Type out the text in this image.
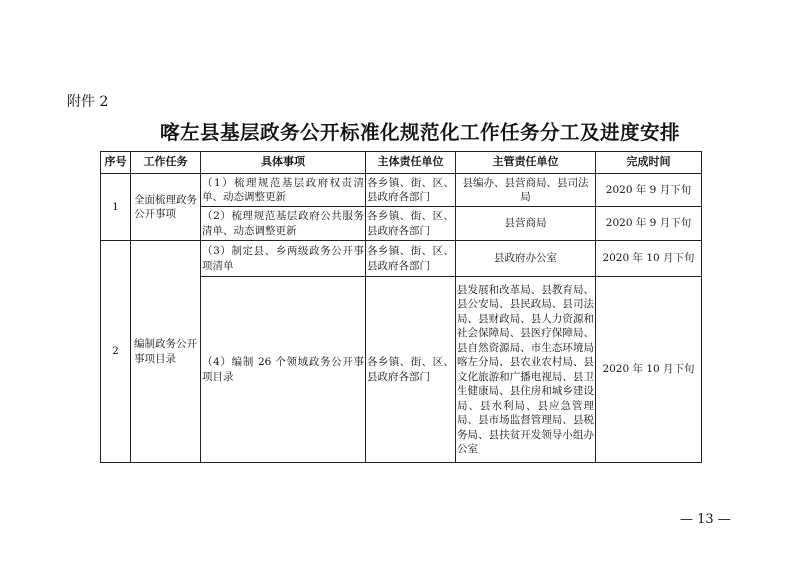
附件 2
喀左县基层政务公开标准化规范化工作任务分工及进度安排
序号	工作任务	具体事项	主体责任单位	主管责任单位	完成时间
1	全面梳理政务公开事项	（1）梳理规范基层政府权责清单、动态调整更新	各乡镇、街、区、县政府各部门	县编办、县营商局、县司法局	2020 年 9 月下旬
		（2）梳理规范基层政府公共服务清单、动态调整更新	各乡镇、街、区、县政府各部门	县营商局	2020 年 9 月下旬
2	编制政务公开事项目录	（3）制定县、乡两级政务公开事项清单	各乡镇、街、区、县政府各部门	县政府办公室	2020 年 10 月下旬
		（4）编制 26 个领域政务公开事项目录	各乡镇、街、区、县政府各部门	县发展和改革局、县教育局、县公安局、县民政局、县司法局、县财政局、县人力资源和社会保障局、县医疗保障局、县自然资源局、市生态环境局喀左分局、县农业农村局、县文化旅游和广播电视局、县卫生健康局、县住房和城乡建设局、县水利局、县应急管理局、县市场监督管理局、县税务局、县扶贫开发领导小组办公室	2020 年 10 月下旬
— 13 —
